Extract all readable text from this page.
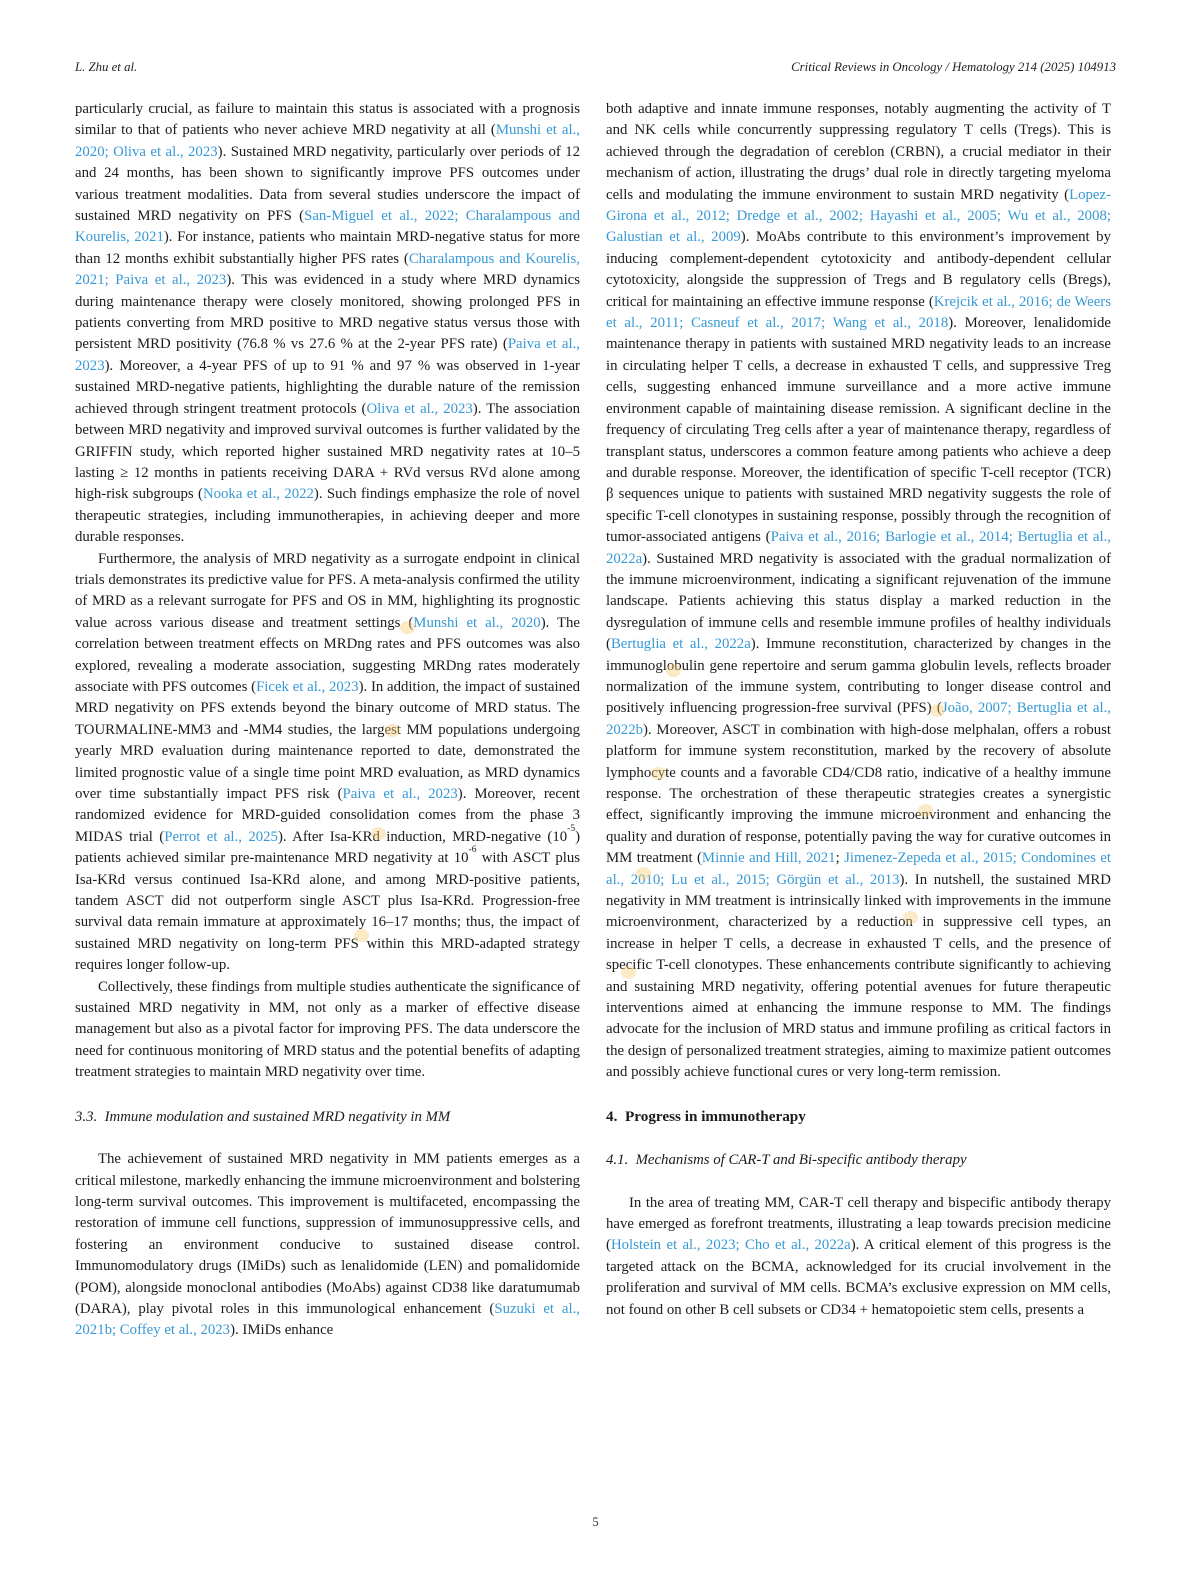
L. Zhu et al.	Critical Reviews in Oncology / Hematology 214 (2025) 104913

particularly crucial, as failure to maintain this status is associated with a prognosis similar to that of patients who never achieve MRD negativity at all (Munshi et al., 2020; Oliva et al., 2023). Sustained MRD negativity, particularly over periods of 12 and 24 months, has been shown to significantly improve PFS outcomes under various treatment modalities. Data from several studies underscore the impact of sustained MRD negativity on PFS (San-Miguel et al., 2022; Charalampous and Kourelis, 2021). For instance, patients who maintain MRD-negative status for more than 12 months exhibit substantially higher PFS rates (Charalampous and Kourelis, 2021; Paiva et al., 2023). This was evidenced in a study where MRD dynamics during maintenance therapy were closely monitored, showing prolonged PFS in patients converting from MRD positive to MRD negative status versus those with persistent MRD positivity (76.8 % vs 27.6 % at the 2-year PFS rate) (Paiva et al., 2023). Moreover, a 4-year PFS of up to 91 % and 97 % was observed in 1-year sustained MRD-negative patients, highlighting the durable nature of the remission achieved through stringent treatment protocols (Oliva et al., 2023). The association between MRD negativity and improved survival outcomes is further validated by the GRIFFIN study, which reported higher sustained MRD negativity rates at 10–5 lasting ≥ 12 months in patients receiving DARA + RVd versus RVd alone among high-risk subgroups (Nooka et al., 2022). Such findings emphasize the role of novel therapeutic strategies, including immunotherapies, in achieving deeper and more durable responses.

Furthermore, the analysis of MRD negativity as a surrogate endpoint in clinical trials demonstrates its predictive value for PFS. A meta-analysis confirmed the utility of MRD as a relevant surrogate for PFS and OS in MM, highlighting its prognostic value across various disease and treatment settings (Munshi et al., 2020). The correlation between treatment effects on MRDng rates and PFS outcomes was also explored, revealing a moderate association, suggesting MRDng rates moderately associate with PFS outcomes (Ficek et al., 2023). In addition, the impact of sustained MRD negativity on PFS extends beyond the binary outcome of MRD status. The TOURMALINE-MM3 and -MM4 studies, the largest MM populations undergoing yearly MRD evaluation during maintenance reported to date, demonstrated the limited prognostic value of a single time point MRD evaluation, as MRD dynamics over time substantially impact PFS risk (Paiva et al., 2023). Moreover, recent randomized evidence for MRD-guided consolidation comes from the phase 3 MIDAS trial (Perrot et al., 2025). After Isa-KRd induction, MRD-negative $(10^{-5})$ patients achieved similar pre-maintenance MRD negativity at $10^{-6}$ with ASCT plus Isa-KRd versus continued Isa-KRd alone, and among MRD-positive patients, tandem ASCT did not outperform single ASCT plus Isa-KRd. Progression-free survival data remain immature at approximately 16–17 months; thus, the impact of sustained MRD negativity on long-term PFS within this MRD-adapted strategy requires longer follow-up.

Collectively, these findings from multiple studies authenticate the significance of sustained MRD negativity in MM, not only as a marker of effective disease management but also as a pivotal factor for improving PFS. The data underscore the need for continuous monitoring of MRD status and the potential benefits of adapting treatment strategies to maintain MRD negativity over time.

3.3. Immune modulation and sustained MRD negativity in MM

The achievement of sustained MRD negativity in MM patients emerges as a critical milestone, markedly enhancing the immune microenvironment and bolstering long-term survival outcomes. This improvement is multifaceted, encompassing the restoration of immune cell functions, suppression of immunosuppressive cells, and fostering an environment conducive to sustained disease control. Immunomodulatory drugs (IMiDs) such as lenalidomide (LEN) and pomalidomide (POM), alongside monoclonal antibodies (MoAbs) against CD38 like daratumumab (DARA), play pivotal roles in this immunological enhancement (Suzuki et al., 2021b; Coffey et al., 2023). IMiDs enhance

both adaptive and innate immune responses, notably augmenting the activity of T and NK cells while concurrently suppressing regulatory T cells (Tregs). This is achieved through the degradation of cereblon (CRBN), a crucial mediator in their mechanism of action, illustrating the drugs’ dual role in directly targeting myeloma cells and modulating the immune environment to sustain MRD negativity (Lopez-Girona et al., 2012; Dredge et al., 2002; Hayashi et al., 2005; Wu et al., 2008; Galustian et al., 2009). MoAbs contribute to this environment’s improvement by inducing complement-dependent cytotoxicity and antibody-dependent cellular cytotoxicity, alongside the suppression of Tregs and B regulatory cells (Bregs), critical for maintaining an effective immune response (Krejcik et al., 2016; de Weers et al., 2011; Casneuf et al., 2017; Wang et al., 2018). Moreover, lenalidomide maintenance therapy in patients with sustained MRD negativity leads to an increase in circulating helper T cells, a decrease in exhausted T cells, and suppressive Treg cells, suggesting enhanced immune surveillance and a more active immune environment capable of maintaining disease remission. A significant decline in the frequency of circulating Treg cells after a year of maintenance therapy, regardless of transplant status, underscores a common feature among patients who achieve a deep and durable response. Moreover, the identification of specific T-cell receptor (TCR) β sequences unique to patients with sustained MRD negativity suggests the role of specific T-cell clonotypes in sustaining response, possibly through the recognition of tumor-associated antigens (Paiva et al., 2016; Barlogie et al., 2014; Bertuglia et al., 2022a). Sustained MRD negativity is associated with the gradual normalization of the immune microenvironment, indicating a significant rejuvenation of the immune landscape. Patients achieving this status display a marked reduction in the dysregulation of immune cells and resemble immune profiles of healthy individuals (Bertuglia et al., 2022a). Immune reconstitution, characterized by changes in the immunoglobulin gene repertoire and serum gamma globulin levels, reflects broader normalization of the immune system, contributing to longer disease control and positively influencing progression-free survival (PFS) (João, 2007; Bertuglia et al., 2022b). Moreover, ASCT in combination with high-dose melphalan, offers a robust platform for immune system reconstitution, marked by the recovery of absolute lymphocyte counts and a favorable CD4/CD8 ratio, indicative of a healthy immune response. The orchestration of these therapeutic strategies creates a synergistic effect, significantly improving the immune microenvironment and enhancing the quality and duration of response, potentially paving the way for curative outcomes in MM treatment (Minnie and Hill, 2021; Jimenez-Zepeda et al., 2015; Condomines et al., 2010; Lu et al., 2015; Görgün et al., 2013). In nutshell, the sustained MRD negativity in MM treatment is intrinsically linked with improvements in the immune microenvironment, characterized by a reduction in suppressive cell types, an increase in helper T cells, a decrease in exhausted T cells, and the presence of specific T-cell clonotypes. These enhancements contribute significantly to achieving and sustaining MRD negativity, offering potential avenues for future therapeutic interventions aimed at enhancing the immune response to MM. The findings advocate for the inclusion of MRD status and immune profiling as critical factors in the design of personalized treatment strategies, aiming to maximize patient outcomes and possibly achieve functional cures or very long-term remission.

4. Progress in immunotherapy
4.1. Mechanisms of CAR-T and Bi-specific antibody therapy

In the area of treating MM, CAR-T cell therapy and bispecific antibody therapy have emerged as forefront treatments, illustrating a leap towards precision medicine (Holstein et al., 2023; Cho et al., 2022a). A critical element of this progress is the targeted attack on the BCMA, acknowledged for its crucial involvement in the proliferation and survival of MM cells. BCMA’s exclusive expression on MM cells, not found on other B cell subsets or CD34 + hematopoietic stem cells, presents a

5
